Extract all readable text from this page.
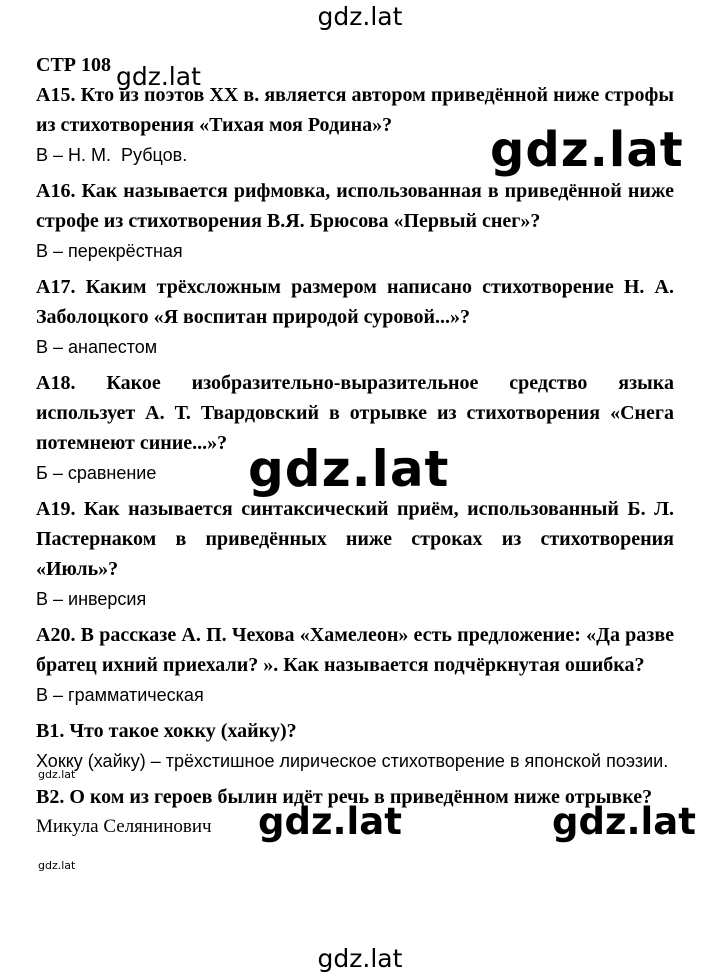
gdz.lat
gdz.lat
gdz.lat
gdz.lat
gdz.lat
gdz.lat

СТР 108

А15. Кто из поэтов XX в. является автором приведённой ниже строфы из стихотворения «Тихая моя Родина»?

В – Н. М.  Рубцов.

А16. Как называется рифмовка, использованная в приведённой ниже строфе из стихотворения В.Я. Брюсова «Первый снег»?

В – перекрёстная

А17. Каким трёхсложным размером написано стихотворение Н. А. Заболоцкого «Я воспитан природой суровой...»?

В – анапестом

А18. Какое изобразительно-выразительное средство языка использует А. Т. Твардовский в отрывке из стихотворения «Снега потемнеют синие...»?

Б – сравнение

А19. Как называется синтаксический приём, использованный Б. Л. Пастернаком в приведённых ниже строках из стихотворения «Июль»?

В – инверсия

А20. В рассказе А. П. Чехова «Хамелеон» есть предложение: «Да разве братец ихний приехали? ». Как называется подчёркнутая ошибка?

В – грамматическая

В1. Что такое хокку (хайку)?

Хокку (хайку) – трёхстишное лирическое стихотворение в японской поэзии.

В2. О ком из героев былин идёт речь в приведённом ниже отрывке?

Микула Селянинович	gdz.lat	gdz.lat
gdz.lat
